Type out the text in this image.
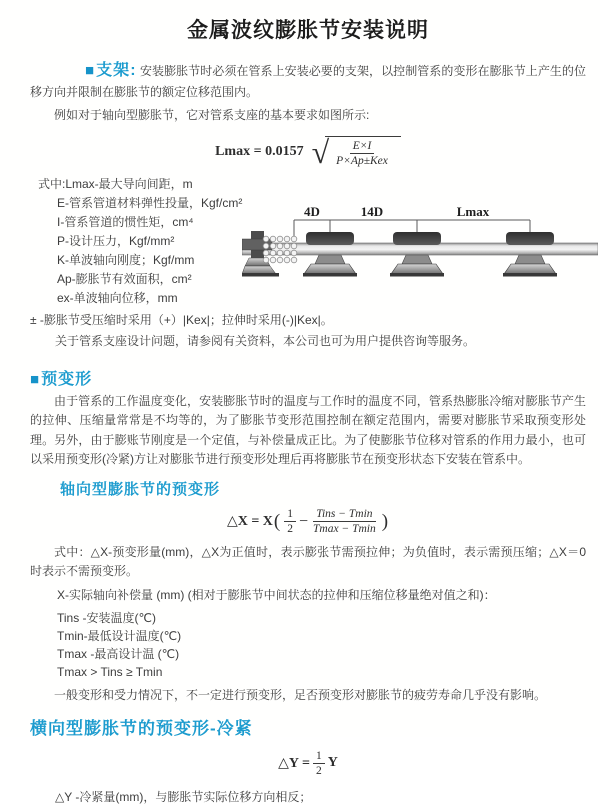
金属波纹膨胀节安装说明

■支架: 安装膨胀节时必须在管系上安装必要的支架，以控制管系的变形在膨胀节上产生的位移方向并限制在膨胀节的额定位移范围内。

例如对于轴向型膨胀节，它对管系支座的基本要求如图所示:

Lmax = 0.0157 √ $\frac{E\times I}{\text{P×Ap±Kex}}$
式中:Lmax-最大导向间距，m
E-管系管道材料弹性投量，Kgf/cm²
I-管系管道的惯性矩，cm⁴
P-设计压力，Kgf/mm²
K-单波轴向刚度；Kgf/mm
Ap-膨胀节有效面积，cm²
ex-单波轴向位移，mm
4D	14D	Lmax

± -膨胀节受压缩时采用（+）|Kex|；拉伸时采用(-)|Kex|。

关于管系支座设计问题，请参阅有关资料，本公司也可为用户提供咨询等服务。

■预变形

由于管系的工作温度变化，安装膨胀节时的温度与工作时的温度不同，管系热膨胀冷缩对膨胀节产生的拉伸、压缩量常常是不均等的，为了膨胀节变形范围控制在额定范围内，需要对膨胀节采取预变形处理。另外，由于膨账节刚度是一个定值，与补偿量成正比。为了使膨胀节位移对管系的作用力最小，也可以采用预变形(冷紧)方让对膨胀节进行预变形处理后再将膨胀节在预变形状态下安装在管系中。

轴向型膨胀节的预变形
△X = X ( $\frac{1}{2} - \frac{\text{Tins − Tmin}}{Tmax - Tmin}$ )

式中：△X-预变形量(mm)，△X为正值时，表示膨张节需预拉伸；为负值时，表示需预压缩；△X＝0时表示不需预变形。

X-实际轴向补偿量 (mm) (相对于膨胀节中间状态的拉伸和压缩位移量绝对值之和)：
Tins -安装温度(℃)
Tmin-最低设计温度(℃)
Tmax -最高设计温 (℃)
Tmax > Tins ≥ Tmin
一般变形和受力情况下，不一定进行预变形，足否预变形对膨胀节的疲劳寿命几乎没有影响。
横向型膨胀节的预变形-冷紧
△Y = $\frac{1}{2}$ Y
△Y -冷紧量(mm)，与膨胀节实际位移方向相反；
